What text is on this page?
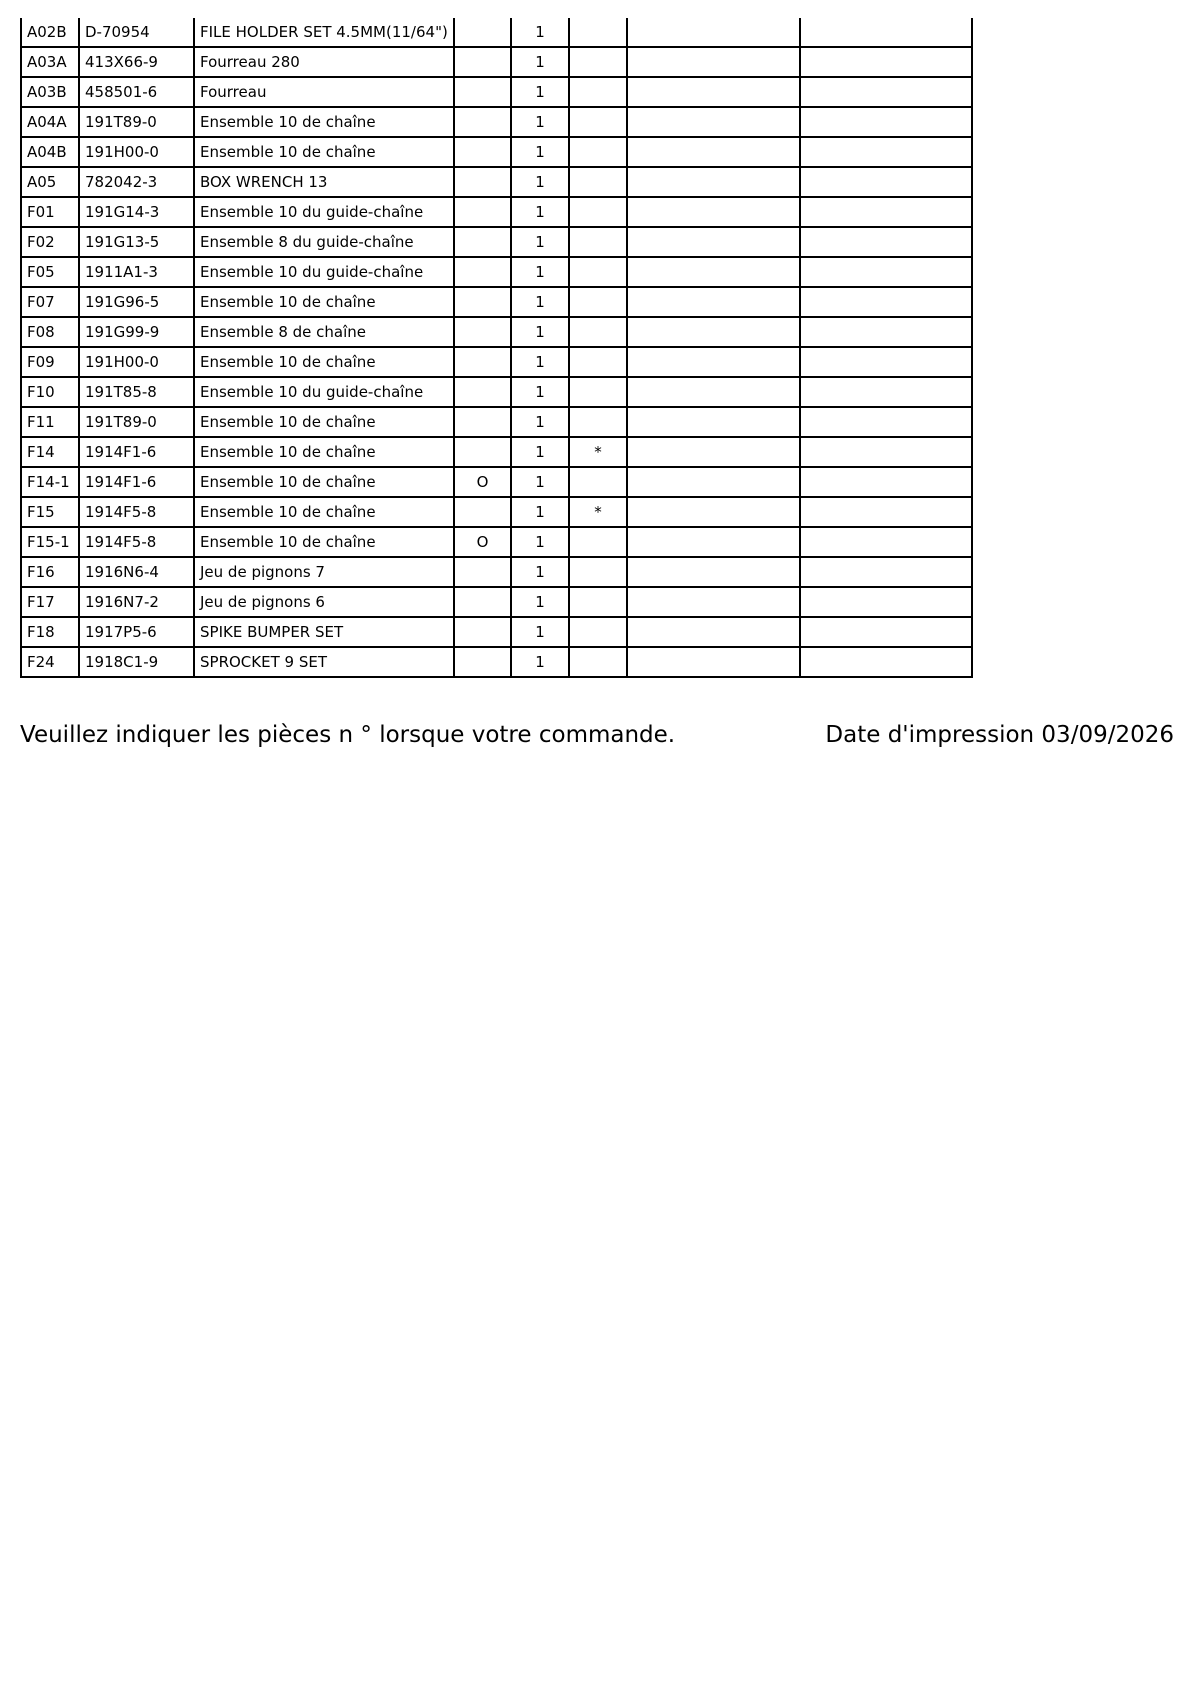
A02B	D-70954	FILE HOLDER SET 4.5MM(11/64")		1			
A03A	413X66-9	Fourreau 280		1			
A03B	458501-6	Fourreau		1			
A04A	191T89-0	Ensemble 10 de chaîne		1			
A04B	191H00-0	Ensemble 10 de chaîne		1			
A05	782042-3	BOX WRENCH 13		1			
F01	191G14-3	Ensemble 10 du guide-chaîne		1			
F02	191G13-5	Ensemble 8 du guide-chaîne		1			
F05	1911A1-3	Ensemble 10 du guide-chaîne		1			
F07	191G96-5	Ensemble 10 de chaîne		1			
F08	191G99-9	Ensemble 8 de chaîne		1			
F09	191H00-0	Ensemble 10 de chaîne		1			
F10	191T85-8	Ensemble 10 du guide-chaîne		1			
F11	191T89-0	Ensemble 10 de chaîne		1			
F14	1914F1-6	Ensemble 10 de chaîne		1	*		
F14-1	1914F1-6	Ensemble 10 de chaîne	O	1			
F15	1914F5-8	Ensemble 10 de chaîne		1	*		
F15-1	1914F5-8	Ensemble 10 de chaîne	O	1			
F16	1916N6-4	Jeu de pignons 7		1			
F17	1916N7-2	Jeu de pignons 6		1			
F18	1917P5-6	SPIKE BUMPER SET		1			
F24	1918C1-9	SPROCKET 9 SET		1			
Veuillez indiquer les pièces n ° lorsque votre commande.	Date d'impression 03/09/2026
